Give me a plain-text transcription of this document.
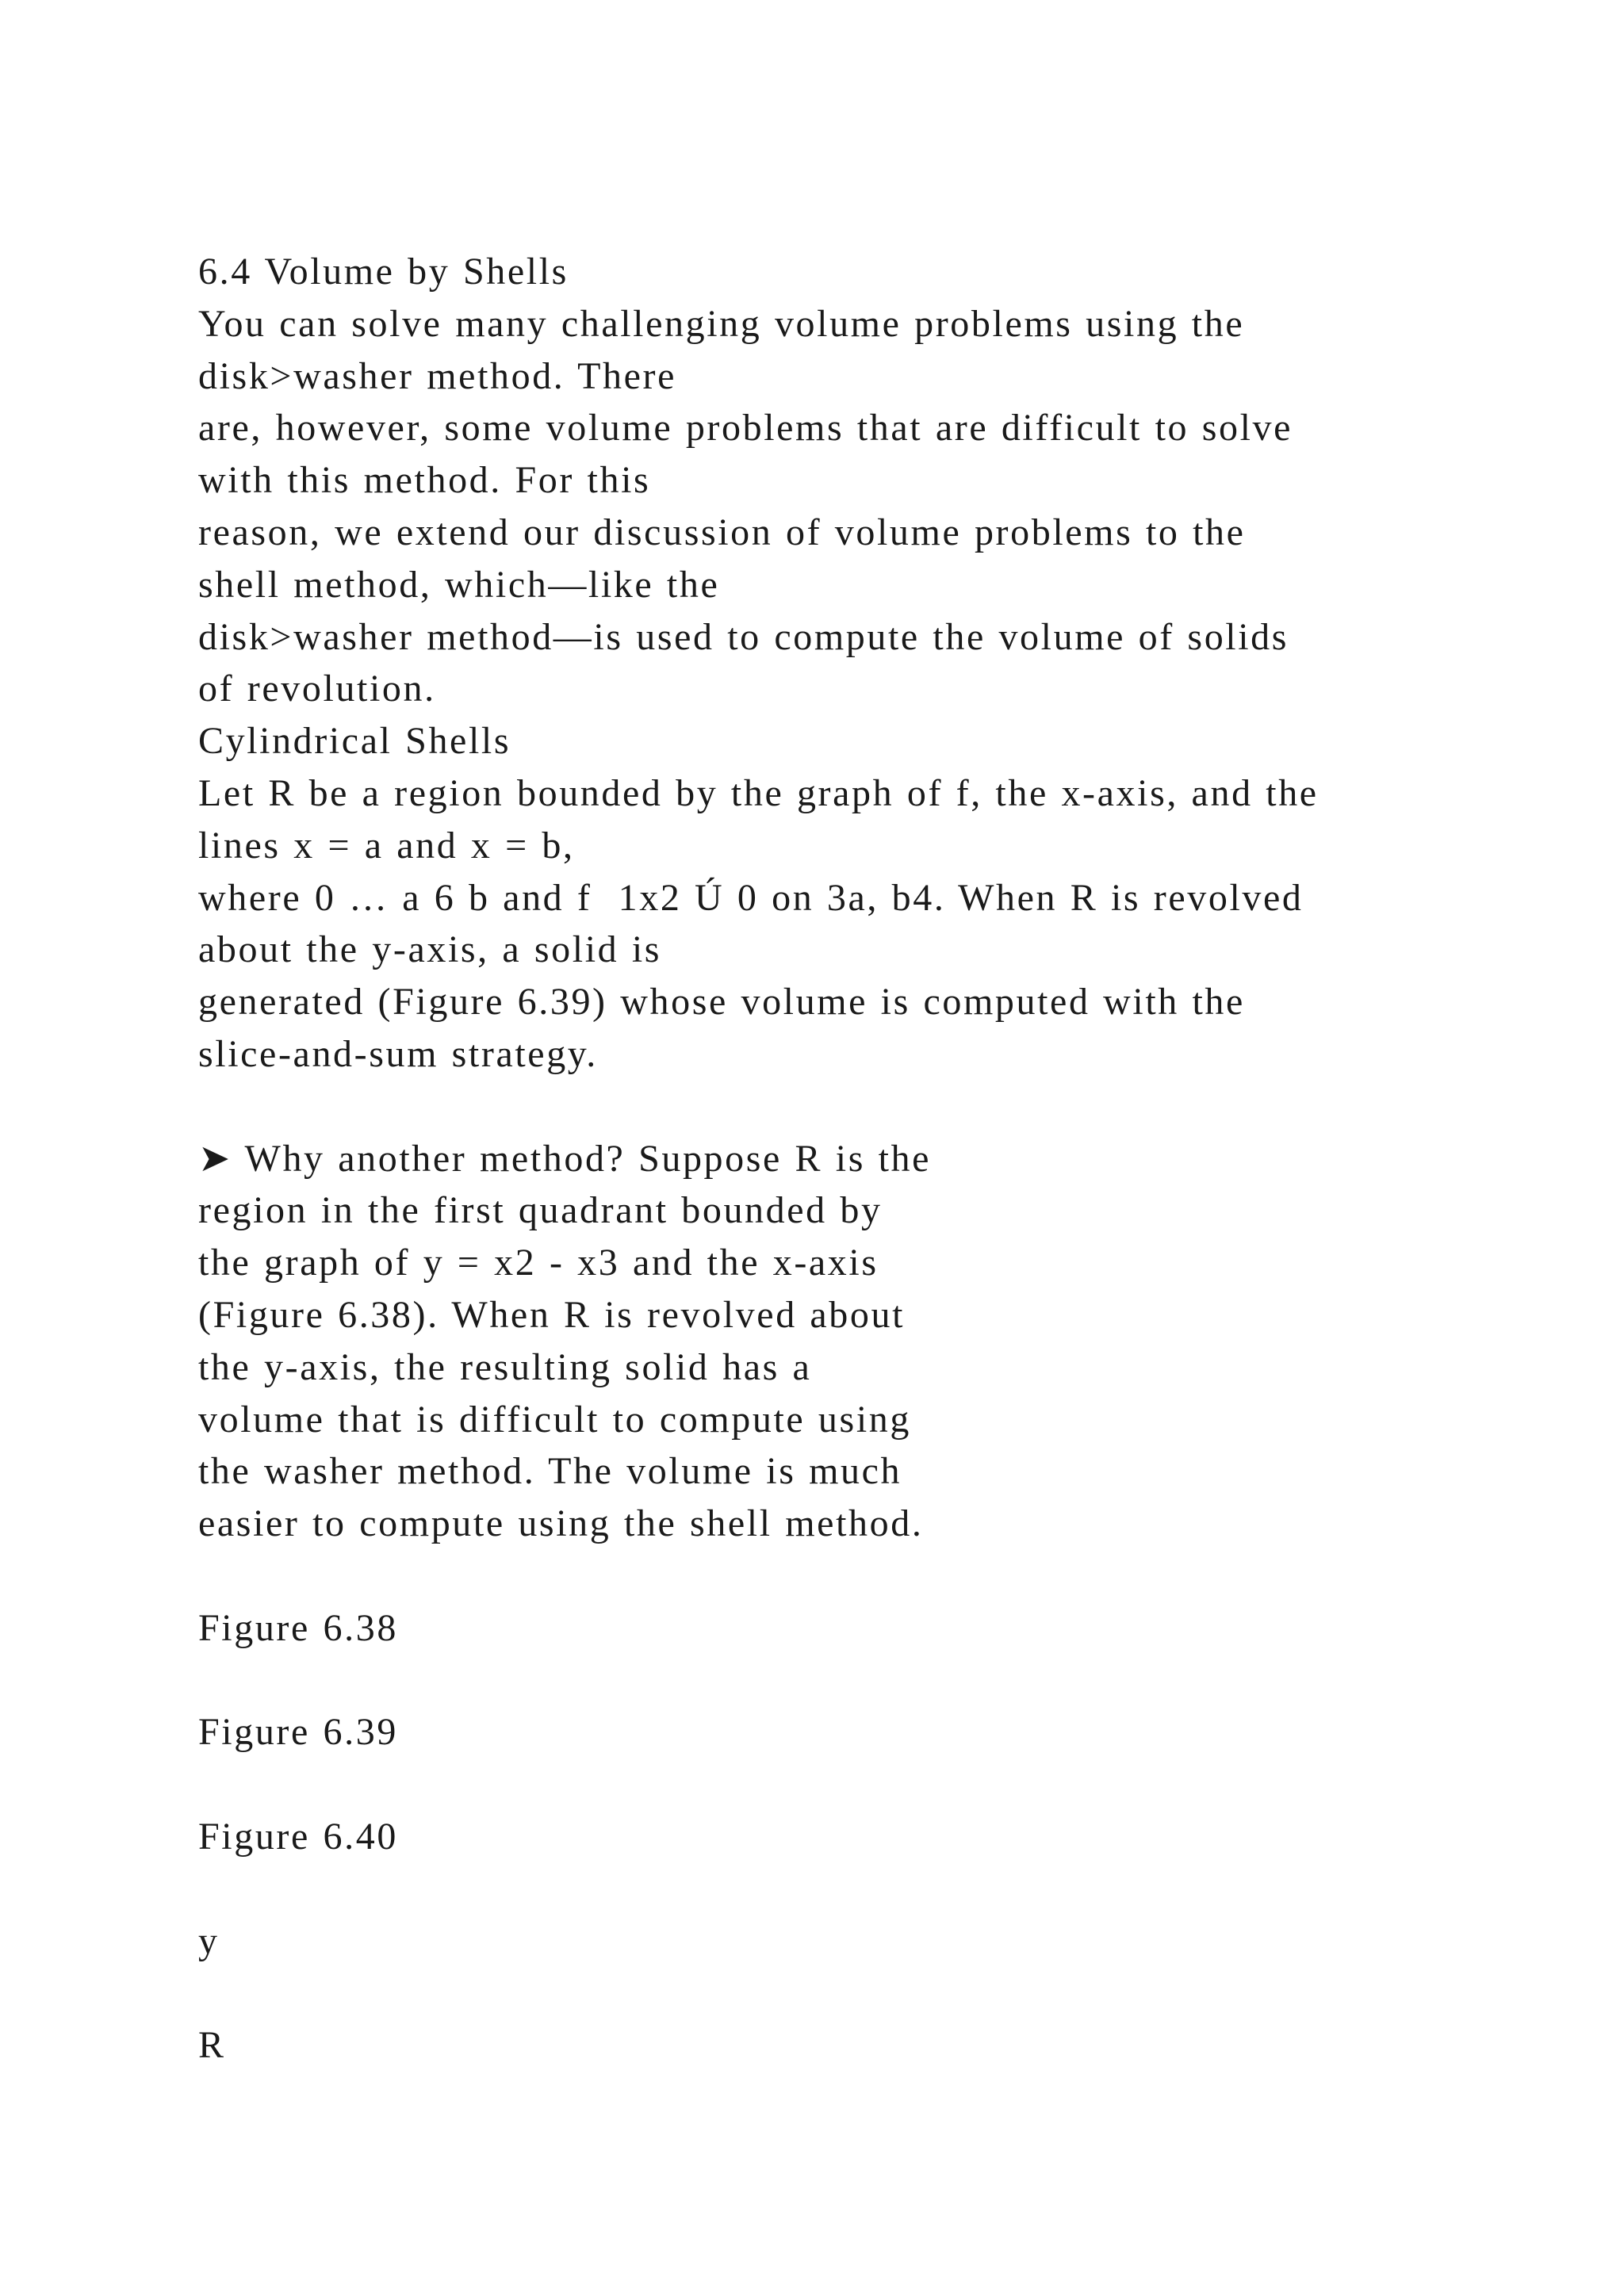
6.4 Volume by Shells
You can solve many challenging volume problems using the
disk>washer method. There
are, however, some volume problems that are difficult to solve
with this method. For this
reason, we extend our discussion of volume problems to the
shell method, which—like the
disk>washer method—is used to compute the volume of solids
of revolution.
Cylindrical Shells
Let R be a region bounded by the graph of f, the x-axis, and the
lines x = a and x = b,
where 0 … a 6 b and f  1x2 Ú 0 on 3a, b4. When R is revolved
about the y-axis, a solid is
generated (Figure 6.39) whose volume is computed with the
slice-and-sum strategy.
➤ Why another method? Suppose R is the
region in the first quadrant bounded by
the graph of y = x2 - x3 and the x-axis
(Figure 6.38). When R is revolved about
the y-axis, the resulting solid has a
volume that is difficult to compute using
the washer method. The volume is much
easier to compute using the shell method.
Figure 6.38
Figure 6.39
Figure 6.40
y
R
